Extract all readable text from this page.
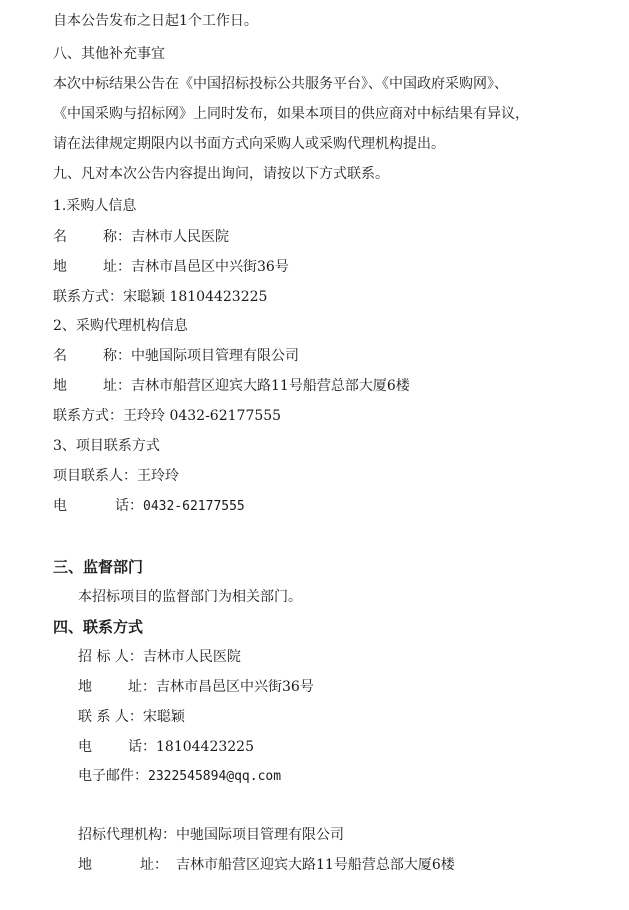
自本公告发布之日起1个工作日。
八、其他补充事宜
本次中标结果公告在《中国招标投标公共服务平台》、《中国政府采购网》、
《中国采购与招标网》上同时发布，如果本项目的供应商对中标结果有异议，
请在法律规定期限内以书面方式向采购人或采购代理机构提出。
九、凡对本次公告内容提出询问，请按以下方式联系。
1.采购人信息
名	称：吉林市人民医院
地	址：吉林市昌邑区中兴街36号
联系方式：宋聪颖 18104423225
2、采购代理机构信息
名	称：中驰国际项目管理有限公司
地	址：吉林市船营区迎宾大路11号船营总部大厦6楼
联系方式：王玲玲 0432-62177555
3、项目联系方式
项目联系人：王玲玲
电	话：0432-62177555
三、监督部门
本招标项目的监督部门为相关部门。
四、联系方式
招 标 人：吉林市人民医院
地	址：吉林市昌邑区中兴街36号
联 系 人：宋聪颖
电	话：18104423225
电子邮件：2322545894@qq.com
招标代理机构：中驰国际项目管理有限公司
地	址： 吉林市船营区迎宾大路11号船营总部大厦6楼
